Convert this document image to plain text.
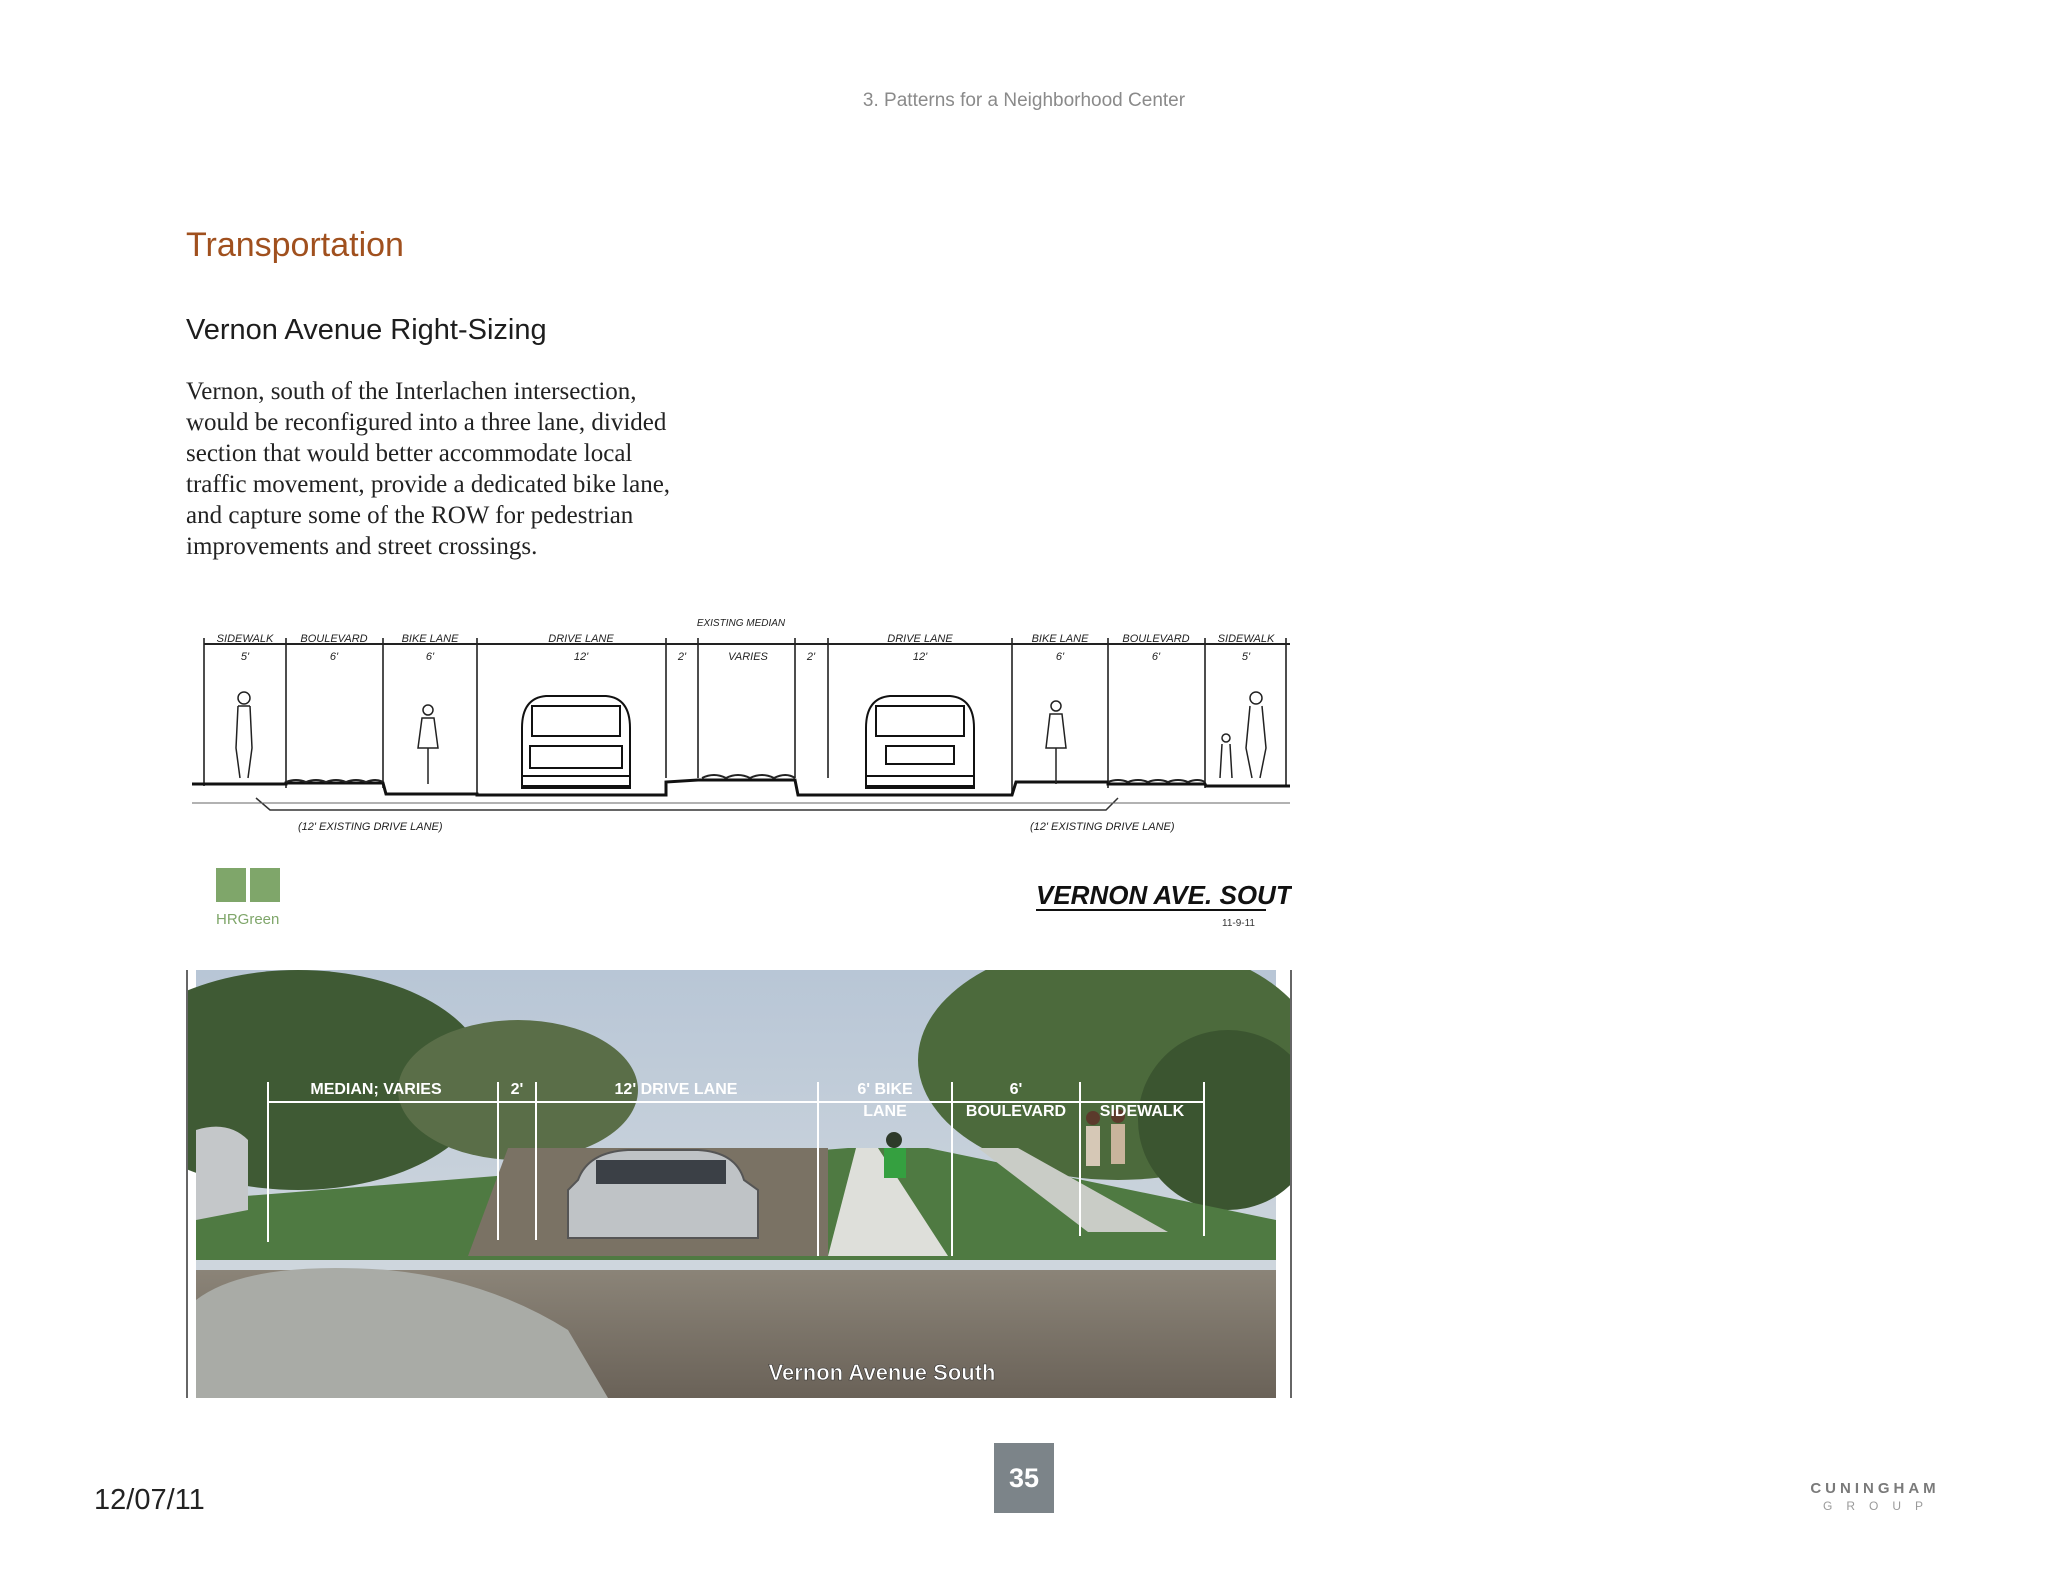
3. Patterns for a Neighborhood Center
Transportation
Vernon Avenue Right-Sizing
Vernon, south of the Interlachen intersection,
would be reconfigured into a three lane, divided
section that would better accommodate local
traffic movement, provide a dedicated bike lane,
and capture some of the ROW for pedestrian
improvements and street crossings.
SIDEWALK
5'
BOULEVARD
6'
BIKE LANE
6'
DRIVE LANE
12'	2'
EXISTING MEDIAN
VARIES	2'
DRIVE LANE
12'
BIKE LANE
6'
BOULEVARD
6'
SIDEWALK
5'
(12' EXISTING DRIVE LANE)	(12' EXISTING DRIVE LANE)
HRGreen
VERNON AVE. SOUTH
11-9-11
MEDIAN; VARIES	2'	12' DRIVE LANE	6' BIKE
LANE
6'
BOULEVARD SIDEWALK
Vernon Avenue South
12/07/11
35	CUNINGHAM
GROUP
